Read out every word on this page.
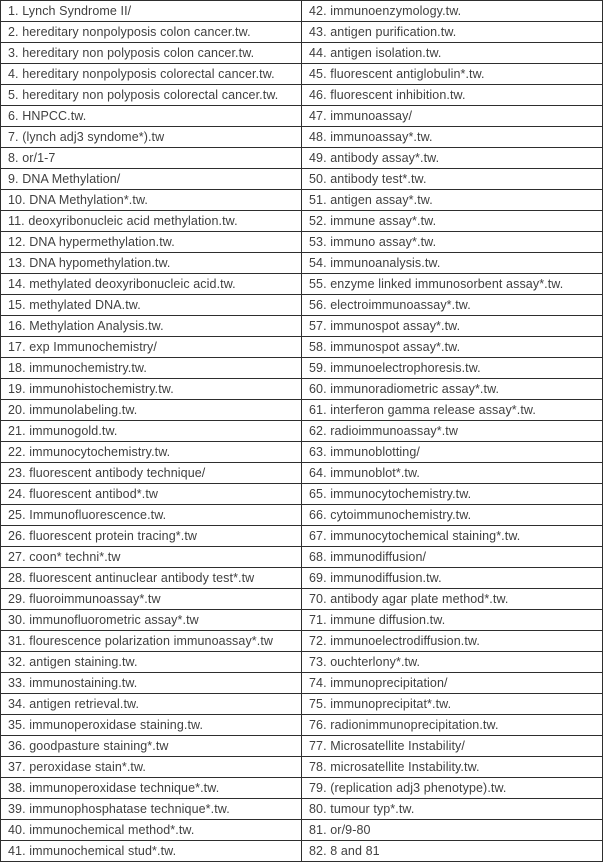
1. Lynch Syndrome II/	42. immunoenzymology.tw.
2. hereditary nonpolyposis colon cancer.tw.	43. antigen purification.tw.
3. hereditary non polyposis colon cancer.tw.	44. antigen isolation.tw.
4. hereditary nonpolyposis colorectal cancer.tw.	45. fluorescent antiglobulin*.tw.
5. hereditary non polyposis colorectal cancer.tw.	46. fluorescent inhibition.tw.
6. HNPCC.tw.	47. immunoassay/
7. (lynch adj3 syndome*).tw	48. immunoassay*.tw.
8. or/1-7	49. antibody assay*.tw.
9. DNA Methylation/	50. antibody test*.tw.
10. DNA Methylation*.tw.	51. antigen assay*.tw.
11. deoxyribonucleic acid methylation.tw.	52. immune assay*.tw.
12. DNA hypermethylation.tw.	53. immuno assay*.tw.
13. DNA hypomethylation.tw.	54. immunoanalysis.tw.
14. methylated deoxyribonucleic acid.tw.	55. enzyme linked immunosorbent assay*.tw.
15. methylated DNA.tw.	56. electroimmunoassay*.tw.
16. Methylation Analysis.tw.	57. immunospot assay*.tw.
17. exp Immunochemistry/	58. immunospot assay*.tw.
18. immunochemistry.tw.	59. immunoelectrophoresis.tw.
19. immunohistochemistry.tw.	60. immunoradiometric assay*.tw.
20. immunolabeling.tw.	61. interferon gamma release assay*.tw.
21. immunogold.tw.	62. radioimmunoassay*.tw
22. immunocytochemistry.tw.	63. immunoblotting/
23. fluorescent antibody technique/	64. immunoblot*.tw.
24. fluorescent antibod*.tw	65. immunocytochemistry.tw.
25. Immunofluorescence.tw.	66. cytoimmunochemistry.tw.
26. fluorescent protein tracing*.tw	67. immunocytochemical staining*.tw.
27. coon* techni*.tw	68. immunodiffusion/
28. fluorescent antinuclear antibody test*.tw	69. immunodiffusion.tw.
29. fluoroimmunoassay*.tw	70. antibody agar plate method*.tw.
30. immunofluorometric assay*.tw	71. immune diffusion.tw.
31. flourescence polarization immunoassay*.tw	72. immunoelectrodiffusion.tw.
32. antigen staining.tw.	73. ouchterlony*.tw.
33. immunostaining.tw.	74. immunoprecipitation/
34. antigen retrieval.tw.	75. immunoprecipitat*.tw.
35. immunoperoxidase staining.tw.	76. radionimmunoprecipitation.tw.
36. goodpasture staining*.tw	77. Microsatellite Instability/
37. peroxidase stain*.tw.	78. microsatellite Instability.tw.
38. immunoperoxidase technique*.tw.	79. (replication adj3 phenotype).tw.
39. immunophosphatase technique*.tw.	80. tumour typ*.tw.
40. immunochemical method*.tw.	81. or/9-80
41. immunochemical stud*.tw.	82. 8 and 81
